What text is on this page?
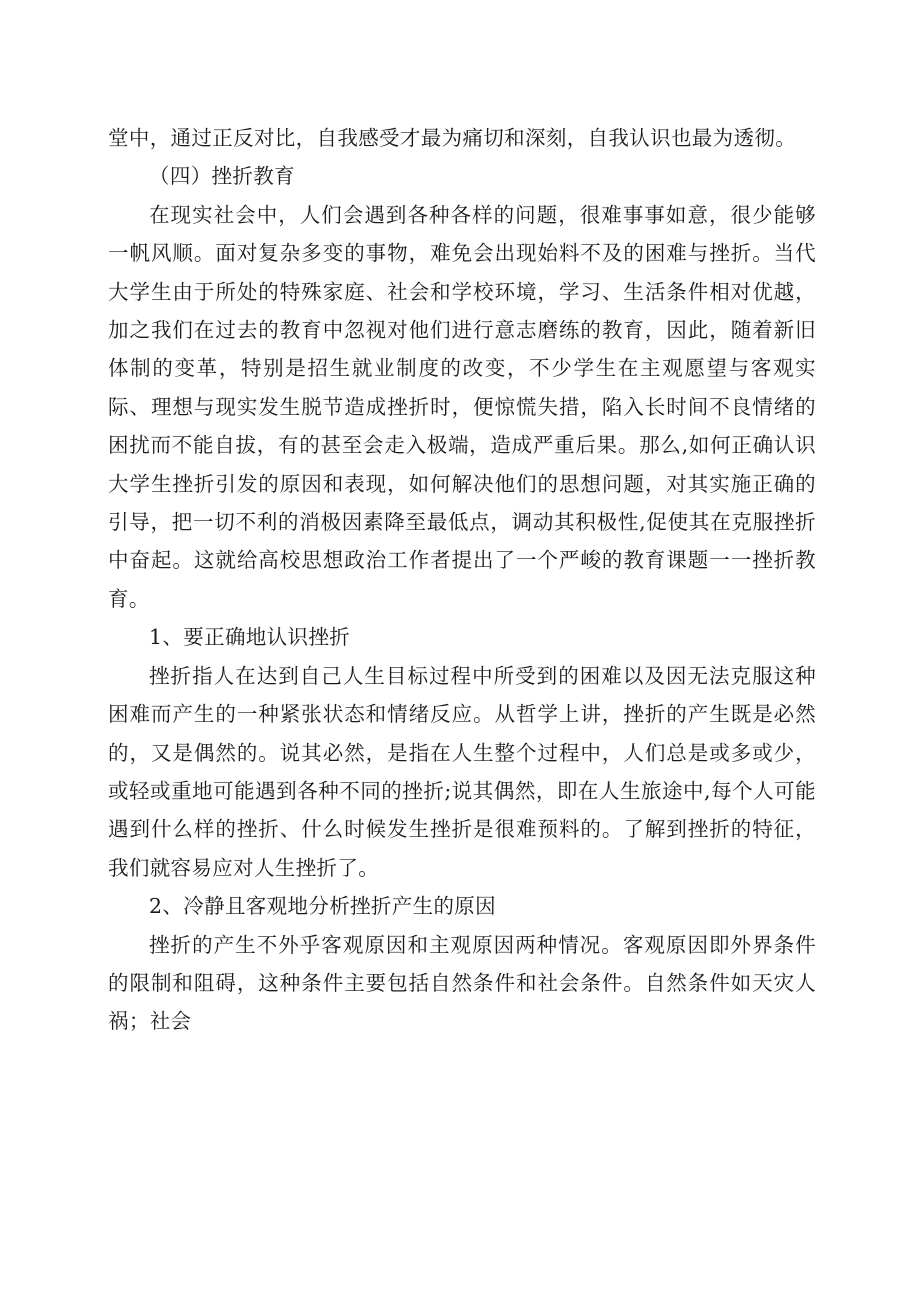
堂中，通过正反对比，自我感受才最为痛切和深刻，自我认识也最为透彻。

（四）挫折教育

在现实社会中，人们会遇到各种各样的问题，很难事事如意，很少能够一帆风顺。面对复杂多变的事物，难免会出现始料不及的困难与挫折。当代大学生由于所处的特殊家庭、社会和学校环境，学习、生活条件相对优越，加之我们在过去的教育中忽视对他们进行意志磨练的教育，因此，随着新旧体制的变革，特别是招生就业制度的改变，不少学生在主观愿望与客观实际、理想与现实发生脱节造成挫折时，便惊慌失措，陷入长时间不良情绪的困扰而不能自拔，有的甚至会走入极端，造成严重后果。那么,如何正确认识大学生挫折引发的原因和表现，如何解决他们的思想问题，对其实施正确的引导，把一切不利的消极因素降至最低点，调动其积极性,促使其在克服挫折中奋起。这就给高校思想政治工作者提出了一个严峻的教育课题一一挫折教育。

1、要正确地认识挫折

挫折指人在达到自己人生目标过程中所受到的困难以及因无法克服这种困难而产生的一种紧张状态和情绪反应。从哲学上讲，挫折的产生既是必然的，又是偶然的。说其必然，是指在人生整个过程中，人们总是或多或少，或轻或重地可能遇到各种不同的挫折;说其偶然，即在人生旅途中,每个人可能遇到什么样的挫折、什么时候发生挫折是很难预料的。了解到挫折的特征，我们就容易应对人生挫折了。

2、冷静且客观地分析挫折产生的原因

挫折的产生不外乎客观原因和主观原因两种情况。客观原因即外界条件的限制和阻碍，这种条件主要包括自然条件和社会条件。自然条件如天灾人祸；社会
